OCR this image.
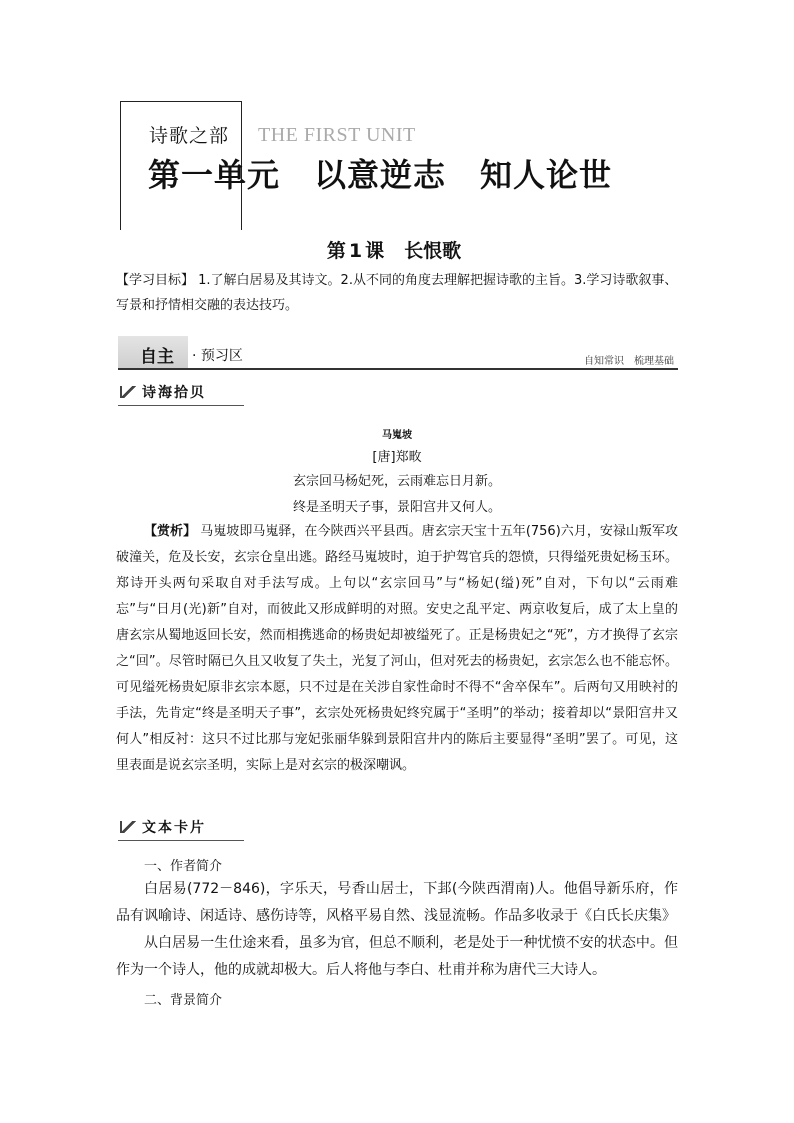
诗歌之部 THE FIRST UNIT
第一单元 以意逆志 知人论世
第 1 课 长恨歌
【学习目标】 1.了解白居易及其诗文。2.从不同的角度去理解把握诗歌的主旨。3.学习诗歌叙事、写景和抒情相交融的表达技巧。
自主 · 预习区	自知常识 梳理基础
诗海拾贝
马嵬坡
[唐]郑畋
玄宗回马杨妃死，云雨难忘日月新。
终是圣明天子事，景阳宫井又何人。
【赏析】 马嵬坡即马嵬驿，在今陕西兴平县西。唐玄宗天宝十五年(756)六月，安禄山叛军攻破潼关，危及长安，玄宗仓皇出逃。路经马嵬坡时，迫于护驾官兵的怨愤，只得缢死贵妃杨玉环。郑诗开头两句采取自对手法写成。上句以“玄宗回马”与“杨妃(缢)死”自对，下句以“云雨难忘”与“日月(光)新”自对，而彼此又形成鲜明的对照。安史之乱平定、两京收复后，成了太上皇的唐玄宗从蜀地返回长安，然而相携逃命的杨贵妃却被缢死了。正是杨贵妃之“死”，方才换得了玄宗之“回”。尽管时隔已久且又收复了失土，光复了河山，但对死去的杨贵妃，玄宗怎么也不能忘怀。可见缢死杨贵妃原非玄宗本愿，只不过是在关涉自家性命时不得不“舍卒保车”。后两句又用映衬的手法，先肯定“终是圣明天子事”，玄宗处死杨贵妃终究属于“圣明”的举动；接着却以“景阳宫井又何人”相反衬：这只不过比那与宠妃张丽华躲到景阳宫井内的陈后主要显得“圣明”罢了。可见，这里表面是说玄宗圣明，实际上是对玄宗的极深嘲讽。
文本卡片
一、作者简介
白居易(772－846)，字乐天，号香山居士，下邽(今陕西渭南)人。他倡导新乐府，作品有讽喻诗、闲适诗、感伤诗等，风格平易自然、浅显流畅。作品多收录于《白氏长庆集》
从白居易一生仕途来看，虽多为官，但总不顺利，老是处于一种忧愤不安的状态中。但作为一个诗人，他的成就却极大。后人将他与李白、杜甫并称为唐代三大诗人。
二、背景简介
